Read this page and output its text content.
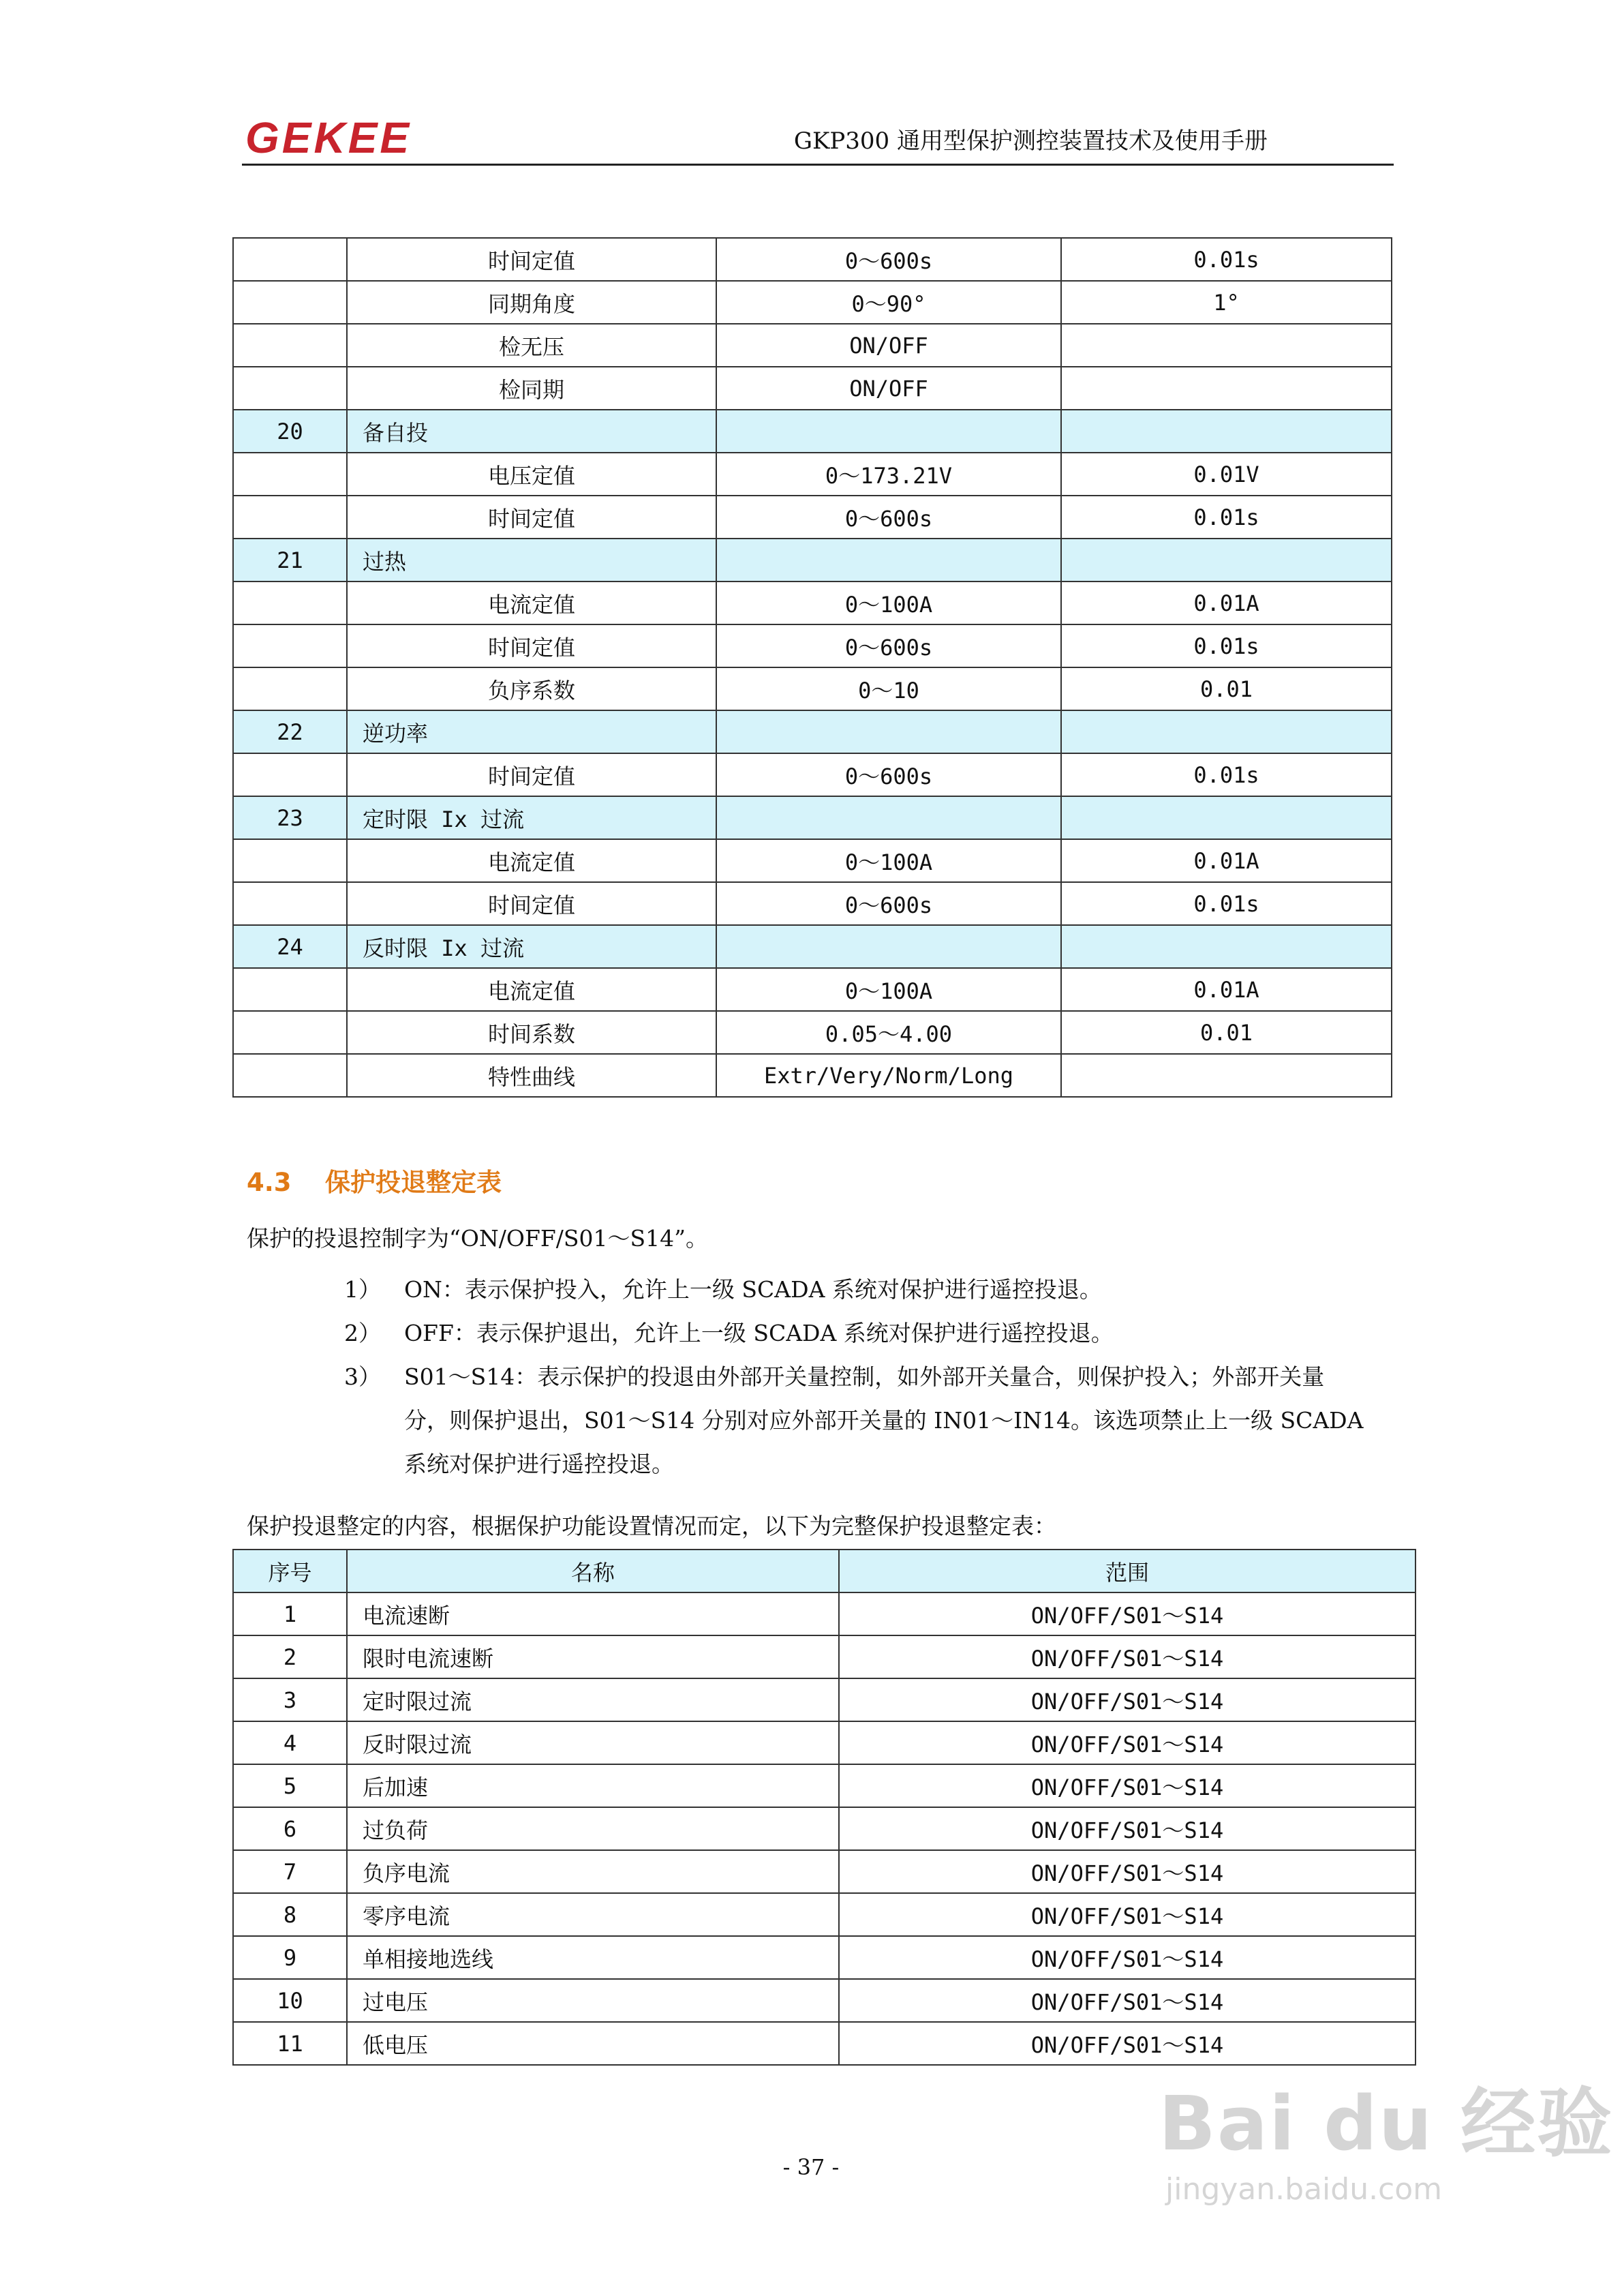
GEKEE	GKP300 通用型保护测控装置技术及使用手册
	时间定值	0～600s	0.01s
	同期角度	0～90°	1°
	检无压	ON/OFF	
	检同期	ON/OFF	
20	备自投		
	电压定值	0～173.21V	0.01V
	时间定值	0～600s	0.01s
21	过热		
	电流定值	0～100A	0.01A
	时间定值	0～600s	0.01s
	负序系数	0～10	0.01
22	逆功率		
	时间定值	0～600s	0.01s
23	定时限 Ix 过流		
	电流定值	0～100A	0.01A
	时间定值	0～600s	0.01s
24	反时限 Ix 过流		
	电流定值	0～100A	0.01A
	时间系数	0.05～4.00	0.01
	特性曲线	Extr/Very/Norm/Long	
4.3 保护投退整定表
保护的投退控制字为“ON/OFF/S01～S14”。
1）	ON：表示保护投入，允许上一级 SCADA 系统对保护进行遥控投退。
2）	OFF：表示保护退出，允许上一级 SCADA 系统对保护进行遥控投退。
3）	S01～S14：表示保护的投退由外部开关量控制，如外部开关量合，则保护投入；外部开关量
分，则保护退出，S01～S14 分别对应外部开关量的 IN01～IN14。该选项禁止上一级 SCADA
系统对保护进行遥控投退。
保护投退整定的内容，根据保护功能设置情况而定，以下为完整保护投退整定表：
序号	名称	范围
1	电流速断	ON/OFF/S01～S14
2	限时电流速断	ON/OFF/S01～S14
3	定时限过流	ON/OFF/S01～S14
4	反时限过流	ON/OFF/S01～S14
5	后加速	ON/OFF/S01～S14
6	过负荷	ON/OFF/S01～S14
7	负序电流	ON/OFF/S01～S14
8	零序电流	ON/OFF/S01～S14
9	单相接地选线	ON/OFF/S01～S14
10	过电压	ON/OFF/S01～S14
11	低电压	ON/OFF/S01～S14
- 37 -	Bai du 经验
jingyan.baidu.com
